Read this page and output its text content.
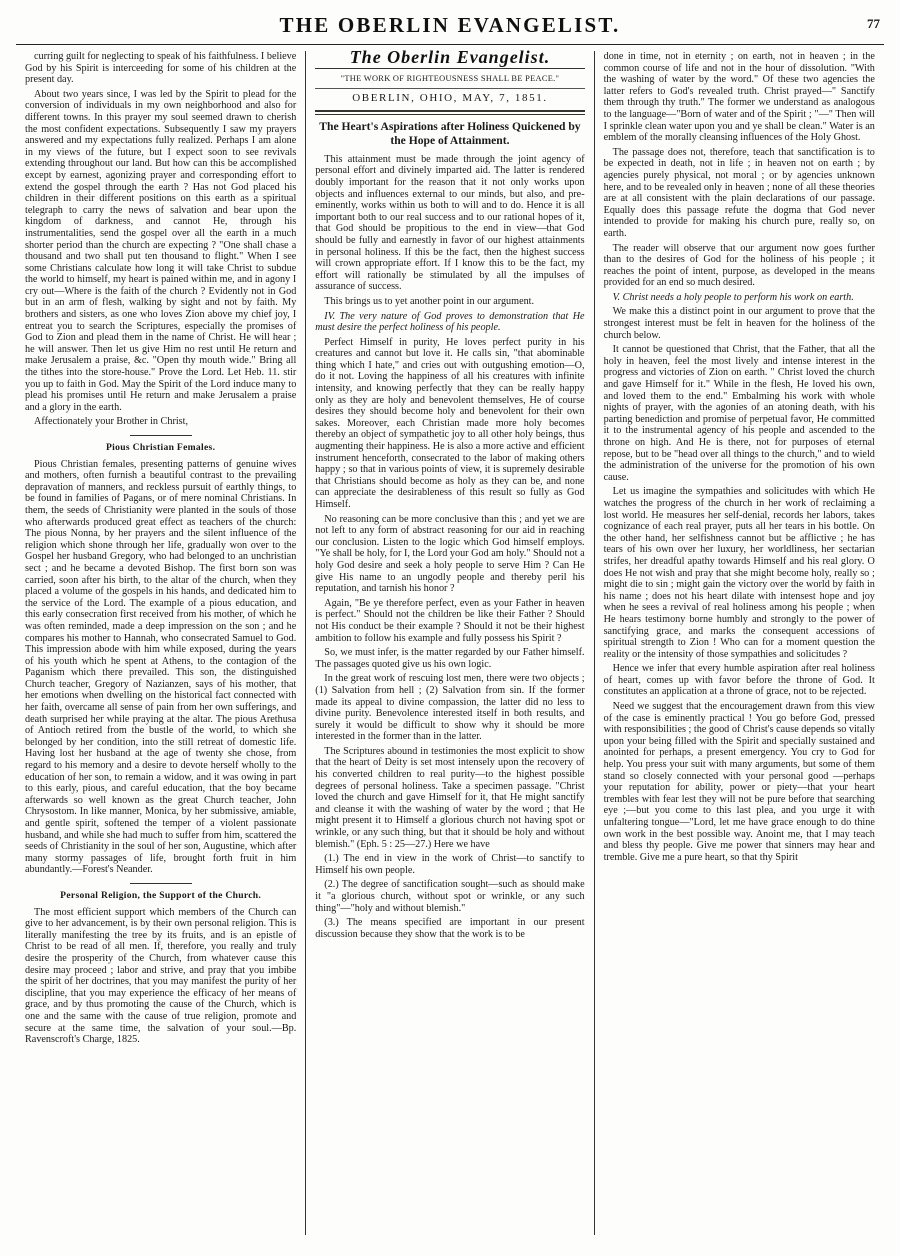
THE OBERLIN EVANGELIST.	77

curring guilt for neglecting to speak of his faithfulness. I believe God by his Spirit is interceeding for some of his children at the present day.

About two years since, I was led by the Spirit to plead for the conversion of individuals in my own neighborhood and also for different towns. In this prayer my soul seemed drawn to cherish the most confident expectations. Subsequently I saw my prayers answered and my expectations fully realized. Perhaps I am alone in my views of the future, but I expect soon to see revivals extending throughout our land. But how can this be accomplished except by earnest, agonizing prayer and corresponding effort to extend the gospel through the earth ? Has not God placed his children in their different positions on this earth as a spiritual telegraph to carry the news of salvation and bear upon the kingdom of darkness, and cannot He, through his instrumentalities, send the gospel over all the earth in a much shorter period than the church are expecting ? "One shall chase a thousand and two shall put ten thousand to flight." When I see some Christians calculate how long it will take Christ to subdue the world to himself, my heart is pained within me, and in agony I cry out—Where is the faith of the church ? Evidently not in God but in an arm of flesh, walking by sight and not by faith. My brothers and sisters, as one who loves Zion above my chief joy, I entreat you to search the Scriptures, especially the promises of God to Zion and plead them in the name of Christ. He will hear ; he will answer. Then let us give Him no rest until He return and make Jerusalem a praise, &c. "Open thy mouth wide." Bring all the tithes into the store-house." Prove the Lord. Let Heb. 11. stir you up to faith in God. May the Spirit of the Lord induce many to plead his promises until He return and make Jerusalem a praise and a glory in the earth.

Affectionately your Brother in Christ,

Pious Christian Females.

Pious Christian females, presenting patterns of genuine wives and mothers, often furnish a beautiful contrast to the prevailing depravation of manners, and reckless pursuit of earthly things, to be found in families of Pagans, or of mere nominal Christians. In them, the seeds of Christianity were planted in the souls of those who afterwards produced great effect as teachers of the church: The pious Nonna, by her prayers and the silent influence of the religion which shone through her life, gradually won over to the Gospel her husband Gregory, who had belonged to an unchristian sect ; and he became a devoted Bishop. The first born son was carried, soon after his birth, to the altar of the church, when they placed a volume of the gospels in his hands, and dedicated him to the service of the Lord. The example of a pious education, and this early consecration first received from his mother, of which he was often reminded, made a deep impression on the son ; and he compares his mother to Hannah, who consecrated Samuel to God. This impression abode with him while exposed, during the years of his youth which he spent at Athens, to the contagion of the Paganism which there prevailed. This son, the distinguished Church teacher, Gregory of Nazianzen, says of his mother, that her emotions when dwelling on the historical fact connected with her faith, overcame all sense of pain from her own sufferings, and death surprised her while praying at the altar. The pious Arethusa of Antioch retired from the bustle of the world, to which she belonged by her condition, into the still retreat of domestic life. Having lost her husband at the age of twenty she chose, from regard to his memory and a desire to devote herself wholly to the education of her son, to remain a widow, and it was owing in part to this early, pious, and careful education, that the boy became afterwards so well known as the great Church teacher, John Chrysostom. In like manner, Monica, by her submissive, amiable, and gentle spirit, softened the temper of a violent passionate husband, and while she had much to suffer from him, scattered the seeds of Christianity in the soul of her son, Augustine, which after many stormy passages of life, brought forth fruit in him abundantly.—Forest's Neander.

Personal Religion, the Support of the Church.

The most efficient support which members of the Church can give to her advancement, is by their own personal religion. This is literally manifesting the tree by its fruits, and is an epistle of Christ to be read of all men. If, therefore, you really and truly desire the prosperity of the Church, from whatever cause this desire may proceed ; labor and strive, and pray that you imbibe the spirit of her doctrines, that you may manifest the purity of her discipline, that you may experience the efficacy of her means of grace, and by thus promoting the cause of the Church, which is one and the same with the cause of true religion, promote and secure at the same time, the salvation of your soul.—Bp. Ravenscroft's Charge, 1825.

The Oberlin Evangelist.
"THE WORK OF RIGHTEOUSNESS SHALL BE PEACE."
OBERLIN, OHIO, MAY, 7, 1851.
The Heart's Aspirations after Holiness Quickened by the Hope of Attainment.

This attainment must be made through the joint agency of personal effort and divinely imparted aid. The latter is rendered doubly important for the reason that it not only works upon objects and influences external to our minds, but also, and pre-eminently, works within us both to will and to do. Hence it is all important both to our real success and to our rational hopes of it, that God should be propitious to the end in view—that God should be fully and earnestly in favor of our highest attainments in personal holiness. If this be the fact, then the highest success will crown appropriate effort. If I know this to be the fact, my effort will rationally be stimulated by all the impulses of assurance of success.

This brings us to yet another point in our argument.

IV. The very nature of God proves to demonstration that He must desire the perfect holiness of his people.

Perfect Himself in purity, He loves perfect purity in his creatures and cannot but love it. He calls sin, "that abominable thing which I hate," and cries out with outgushing emotion—O, do it not. Loving the happiness of all his creatures with infinite intensity, and knowing perfectly that they can be really happy only as they are holy and benevolent themselves, He of course desires they should become holy and benevolent for their own sakes. Moreover, each Christian made more holy becomes thereby an object of sympathetic joy to all other holy beings, thus augmenting their happiness. He is also a more active and efficient instrument henceforth, consecrated to the labor of making others happy ; so that in various points of view, it is supremely desirable that Christians should become as holy as they can be, and none can appreciate the desirableness of this result so fully as God Himself.

No reasoning can be more conclusive than this ; and yet we are not left to any form of abstract reasoning for our aid in reaching our conclusion. Listen to the logic which God himself employs. "Ye shall be holy, for I, the Lord your God am holy." Should not a holy God desire and seek a holy people to serve Him ? Can He give His name to an ungodly people and thereby peril his reputation, and tarnish his honor ?

Again, "Be ye therefore perfect, even as your Father in heaven is perfect." Should not the children be like their Father ? Should not His conduct be their example ? Should it not be their highest ambition to follow his example and fully possess his Spirit ?

So, we must infer, is the matter regarded by our Father himself. The passages quoted give us his own logic.

In the great work of rescuing lost men, there were two objects ; (1) Salvation from hell ; (2) Salvation from sin. If the former made its appeal to divine compassion, the latter did no less to divine purity. Benevolence interested itself in both results, and surely it would be difficult to show why it should be more interested in the former than in the latter.

The Scriptures abound in testimonies the most explicit to show that the heart of Deity is set most intensely upon the recovery of his converted children to real purity—to the highest possible degrees of personal holiness. Take a specimen passage. "Christ loved the church and gave Himself for it, that He might sanctify and cleanse it with the washing of water by the word ; that He might present it to Himself a glorious church not having spot or wrinkle, or any such thing, but that it should be holy and without blemish." (Eph. 5 : 25—27.) Here we have

(1.) The end in view in the work of Christ—to sanctify to Himself his own people.

(2.) The degree of sanctification sought—such as should make it "a glorious church, without spot or wrinkle, or any such thing"—"holy and without blemish."

(3.) The means specified are important in our present discussion because they show that the work is to be

done in time, not in eternity ; on earth, not in heaven ; in the common course of life and not in the hour of dissolution. "With the washing of water by the word." Of these two agencies the latter refers to God's revealed truth. Christ prayed—" Sanctify them through thy truth." The former we understand as analogous to the language—"Born of water and of the Spirit ; "—" Then will I sprinkle clean water upon you and ye shall be clean." Water is an emblem of the morally cleansing influences of the Holy Ghost.

The passage does not, therefore, teach that sanctification is to be expected in death, not in life ; in heaven not on earth ; by agencies purely physical, not moral ; or by agencies unknown here, and to be revealed only in heaven ; none of all these theories are at all consistent with the plain declarations of our passage. Equally does this passage refute the dogma that God never intended to provide for making his church pure, really so, on earth.

The reader will observe that our argument now goes further than to the desires of God for the holiness of his people ; it reaches the point of intent, purpose, as developed in the means provided for an end so much desired.

V. Christ needs a holy people to perform his work on earth.

We make this a distinct point in our argument to prove that the strongest interest must be felt in heaven for the holiness of the church below.

It cannot be questioned that Christ, that the Father, that all the holy in heaven, feel the most lively and intense interest in the progress and victories of Zion on earth. " Christ loved the church and gave Himself for it." While in the flesh, He loved his own, and loved them to the end." Embalming his work with whole nights of prayer, with the agonies of an atoning death, with his parting benediction and promise of perpetual favor, He committed it to the instrumental agency of his people and ascended to the throne on high. And He is there, not for purposes of eternal repose, but to be "head over all things to the church," and to wield the administration of the universe for the promotion of his own cause.

Let us imagine the sympathies and solicitudes with which He watches the progress of the church in her work of reclaiming a lost world. He measures her self-denial, records her labors, takes cognizance of each real prayer, puts all her tears in his bottle. On the other hand, her selfishness cannot but be afflictive ; he has tears of his own over her luxury, her worldliness, her sectarian strifes, her dreadful apathy towards Himself and his real glory. O does He not wish and pray that she might become holy, really so ; might die to sin ; might gain the victory over the world by faith in his name ; does not his heart dilate with intensest hope and joy when he sees a revival of real holiness among his people ; when He hears testimony borne humbly and strongly to the power of sanctifying grace, and marks the consequent accessions of spiritual strength to Zion ! Who can for a moment question the reality or the intensity of those sympathies and solicitudes ?

Hence we infer that every humble aspiration after real holiness of heart, comes up with favor before the throne of God. It constitutes an application at a throne of grace, not to be rejected.

Need we suggest that the encouragement drawn from this view of the case is eminently practical ! You go before God, pressed with responsibilities ; the good of Christ's cause depends so vitally upon your being filled with the Spirit and specially sustained and anointed for perhaps, a present emergency. You cry to God for help. You press your suit with many arguments, but some of them stand so closely connected with your personal good —perhaps your reputation for ability, power or piety—that your heart trembles with fear lest they will not be pure before that searching eye ;—but you come to this last plea, and you urge it with unfaltering tongue—"Lord, let me have grace enough to do thine own work in the best possible way. Anoint me, that I may teach and bless thy people. Give me power that sinners may hear and tremble. Give me a pure heart, so that thy Spirit
